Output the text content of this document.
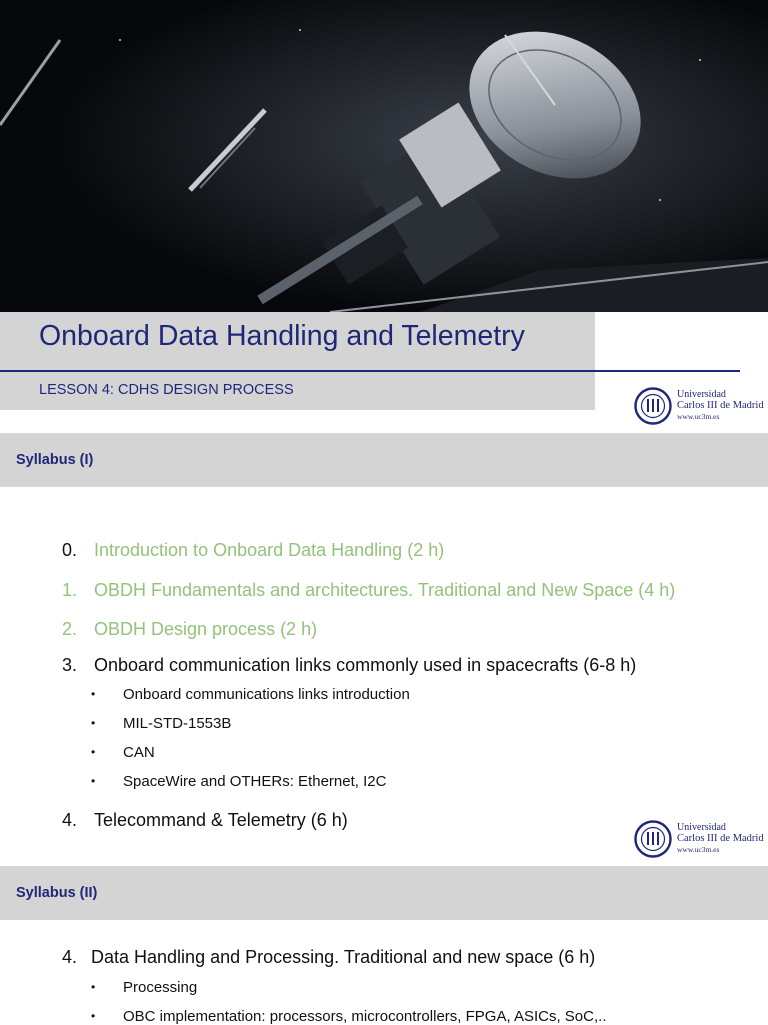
Onboard Data Handling and Telemetry
LESSON 4: CDHS DESIGN PROCESS	Universidad
Carlos III de Madrid
www.uc3m.es
Syllabus (I)
0. Introduction to Onboard Data Handling (2 h)
1. OBDH Fundamentals and architectures. Traditional and New Space (4 h)
2. OBDH Design process (2 h)
3. Onboard communication links commonly used in spacecrafts (6-8 h)
• Onboard communications links introduction
• MIL-STD-1553B
• CAN
• SpaceWire and OTHERs: Ethernet, I2C
4. Telecommand & Telemetry (6 h)	Universidad
Carlos III de Madrid
www.uc3m.es
Syllabus (II)
4. Data Handling and Processing. Traditional and new space (6 h)
• Processing
• OBC implementation: processors, microcontrollers, FPGA, ASICs, SoC,..
